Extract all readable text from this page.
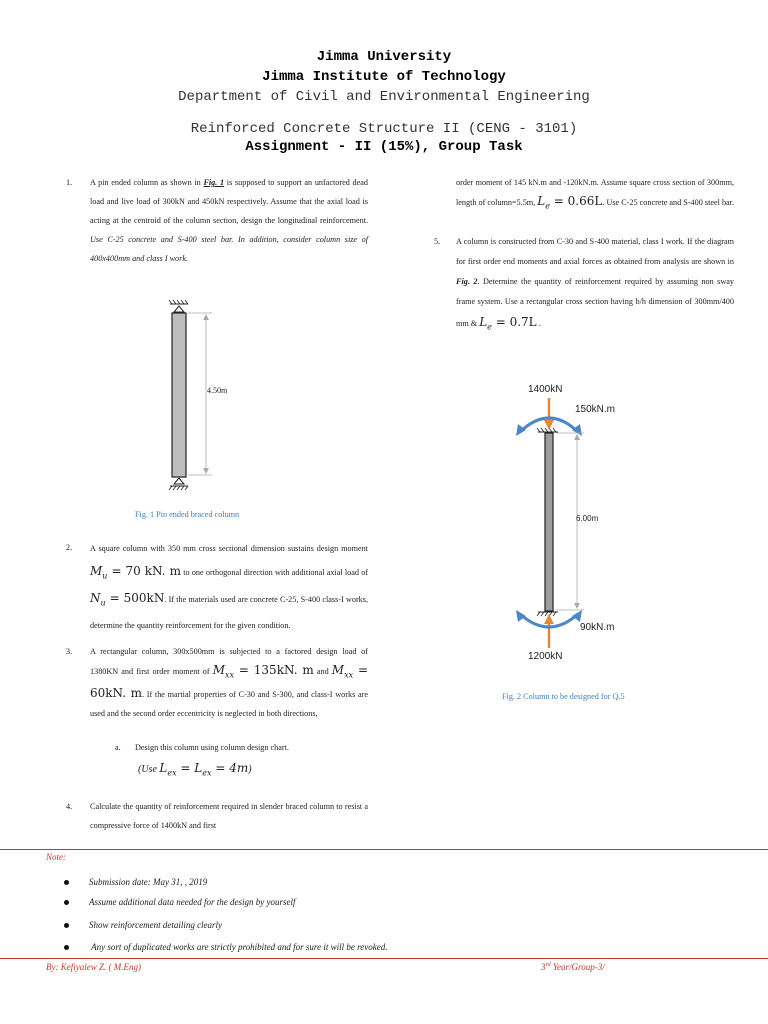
Jimma University
Jimma Institute of Technology
Department of Civil and Environmental Engineering
Reinforced Concrete Structure II (CENG - 3101)
Assignment - II (15%), Group Task
1. A pin ended column as shown in Fig. 1 is supposed to support an unfactored dead load and live load of 300kN and 450kN respectively. Assume that the axial load is acting at the centroid of the column section, design the longitudinal reinforcement. Use C-25 concrete and S-400 steel bar. In addition, consider column size of 400x400mm and class I work.
4.50m
Fig. 1 Pin ended braced column
2. A square column with 350 mm cross sectional dimension sustains design moment $M_u = 70$ kN. m to one orthogonal direction with additional axial load of $N_u = 500kN$. If the materials used are concrete C-25, S-400 class-I works, determine the quantity reinforcement for the given condition.
3. A rectangular column, 300x500mm is subjected to a factored design load of 1380KN and first order moment of $M_{xx} = 135kN$. m and $M_{xx} = 60kN$. m. If the martial properties of C-30 and S-300, and class-I works are used and the second order eccentricity is neglected in both directions,
a. Design this column using column design chart.
(Use $L_{ex} = L_{ex} = 4m$)
4. Calculate the quantity of reinforcement required in slender braced column to resist a compressive force of 1400kN and first
order moment of 145 kN.m and -120kN.m. Assume square cross section of 300mm, length of column=5.5m, $L_e = 0.66L$. Use C-25 concrete and S-400 steel bar.
5. A column is constructed from C-30 and S-400 material, class I work. If the diagram for first order end moments and axial forces as obtained from analysis are shown in Fig. 2. Determine the quantity of reinforcement required by assuming non sway frame system. Use a rectangular cross section having b/h dimension of 300mm/400 mm & $L_e = 0.7L$ .
1400kN
150kN.m
6.00m
90kN.m
1200kN
Fig. 2 Column to be designed for Q.5
Note:
Submission date: May 31, , 2019
Assume additional data needed for the design by yourself
Show reinforcement detailing clearly
Any sort of duplicated works are strictly prohibited and for sure it will be revoked.
By: Kefiyalew Z. ( M.Eng)	3rd Year/Group-3/
